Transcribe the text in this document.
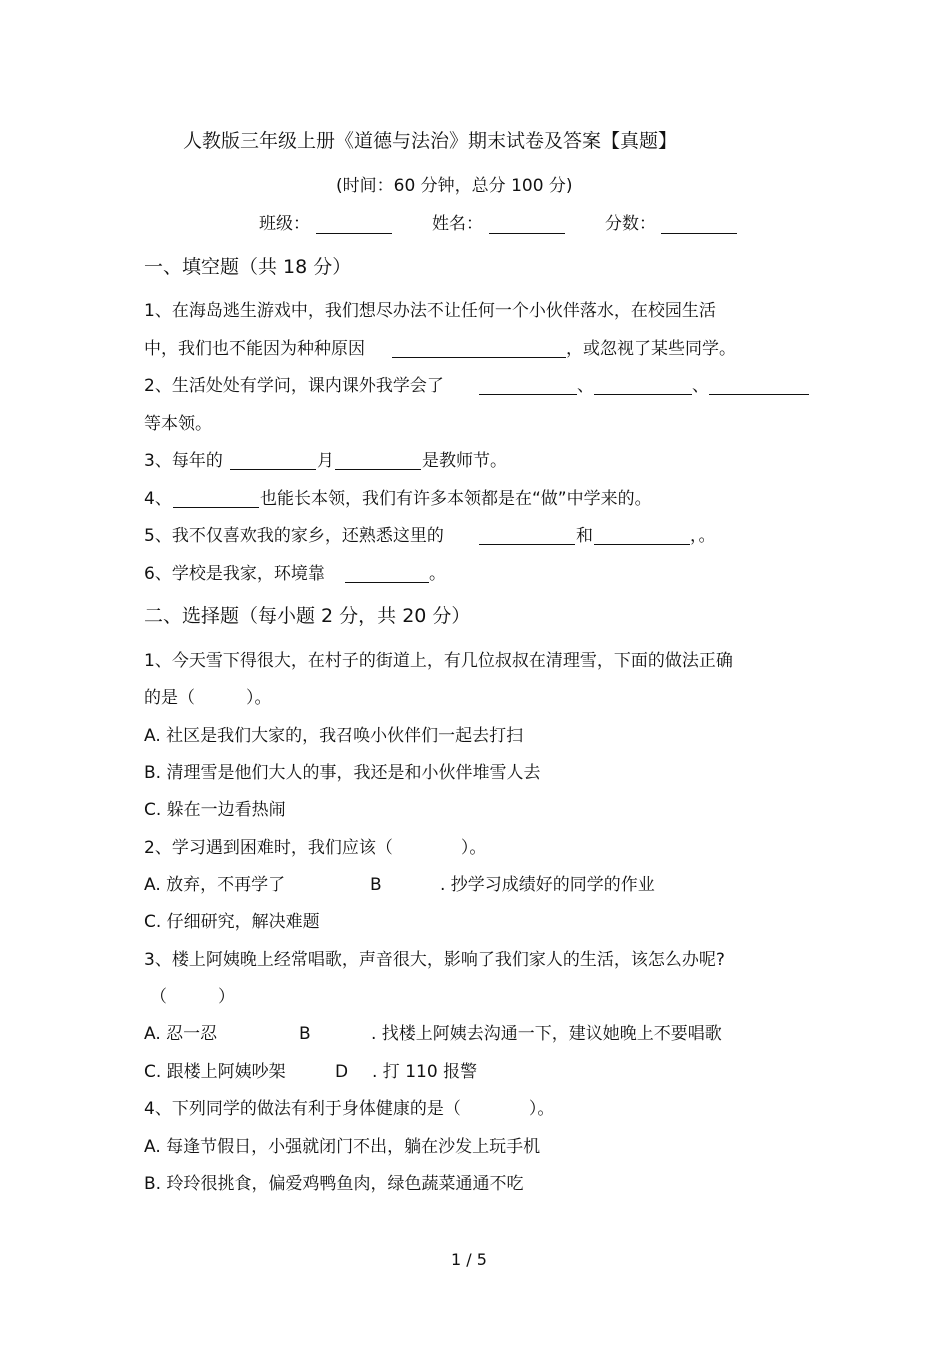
人教版三年级上册《道德与法治》期末试卷及答案【真题】
(时间：60 分钟，总分 100 分)
班级：	姓名：	分数：
一、填空题（共 18 分）
1、在海岛逃生游戏中，我们想尽办法不让任何一个小伙伴落水，在校园生活
中，我们也不能因为种种原因	，或忽视了某些同学。
2、生活处处有学问，课内课外我学会了	、	、
等本领。
3、每年的	月	是教师节。
4、	也能长本领，我们有许多本领都是在“做”中学来的。
5、我不仅喜欢我的家乡，还熟悉这里的	和	，。
6、学校是我家，环境靠	。
二、选择题（每小题 2 分，共 20 分）
1、今天雪下得很大，在村子的街道上，有几位叔叔在清理雪，下面的做法正确
的是（　　　）。
A. 社区是我们大家的，我召唤小伙伴们一起去打扫
B. 清理雪是他们大人的事，我还是和小伙伴堆雪人去
C. 躲在一边看热闹
2、学习遇到困难时，我们应该（　　　　）。
A. 放弃，不再学了	B	. 抄学习成绩好的同学的作业
C. 仔细研究，解决难题
3、楼上阿姨晚上经常唱歌，声音很大，影响了我们家人的生活，该怎么办呢?
（　　　）
A. 忍一忍	B	. 找楼上阿姨去沟通一下，建议她晚上不要唱歌
C. 跟楼上阿姨吵架	D . 打 110 报警
4、下列同学的做法有利于身体健康的是（　　　　）。
A. 每逢节假日，小强就闭门不出，躺在沙发上玩手机
B. 玲玲很挑食，偏爱鸡鸭鱼肉，绿色蔬菜通通不吃
1 / 5
